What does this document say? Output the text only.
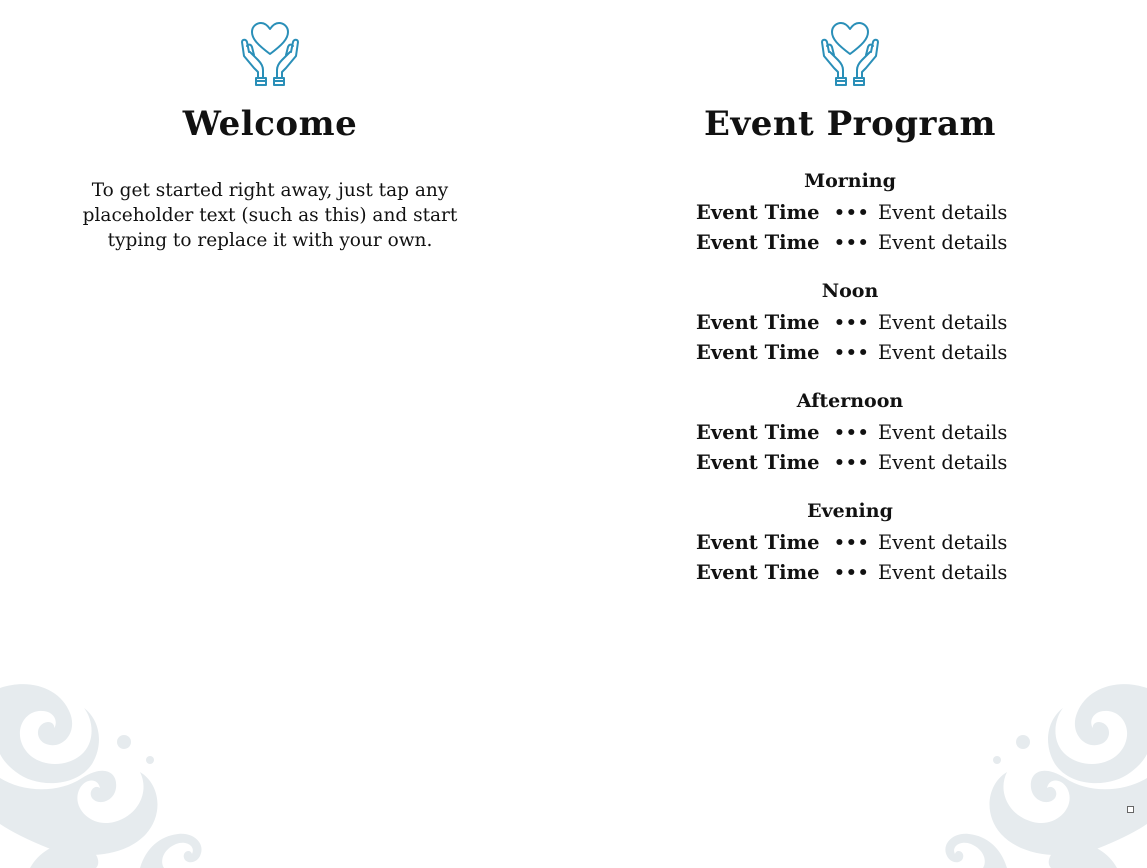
Welcome
To get started right away, just tap any placeholder text (such as this) and start typing to replace it with your own.
Event Program
Morning
Event Time ••• Event details
Event Time ••• Event details
Noon
Event Time ••• Event details
Event Time ••• Event details
Afternoon
Event Time ••• Event details
Event Time ••• Event details
Evening
Event Time ••• Event details
Event Time ••• Event details
